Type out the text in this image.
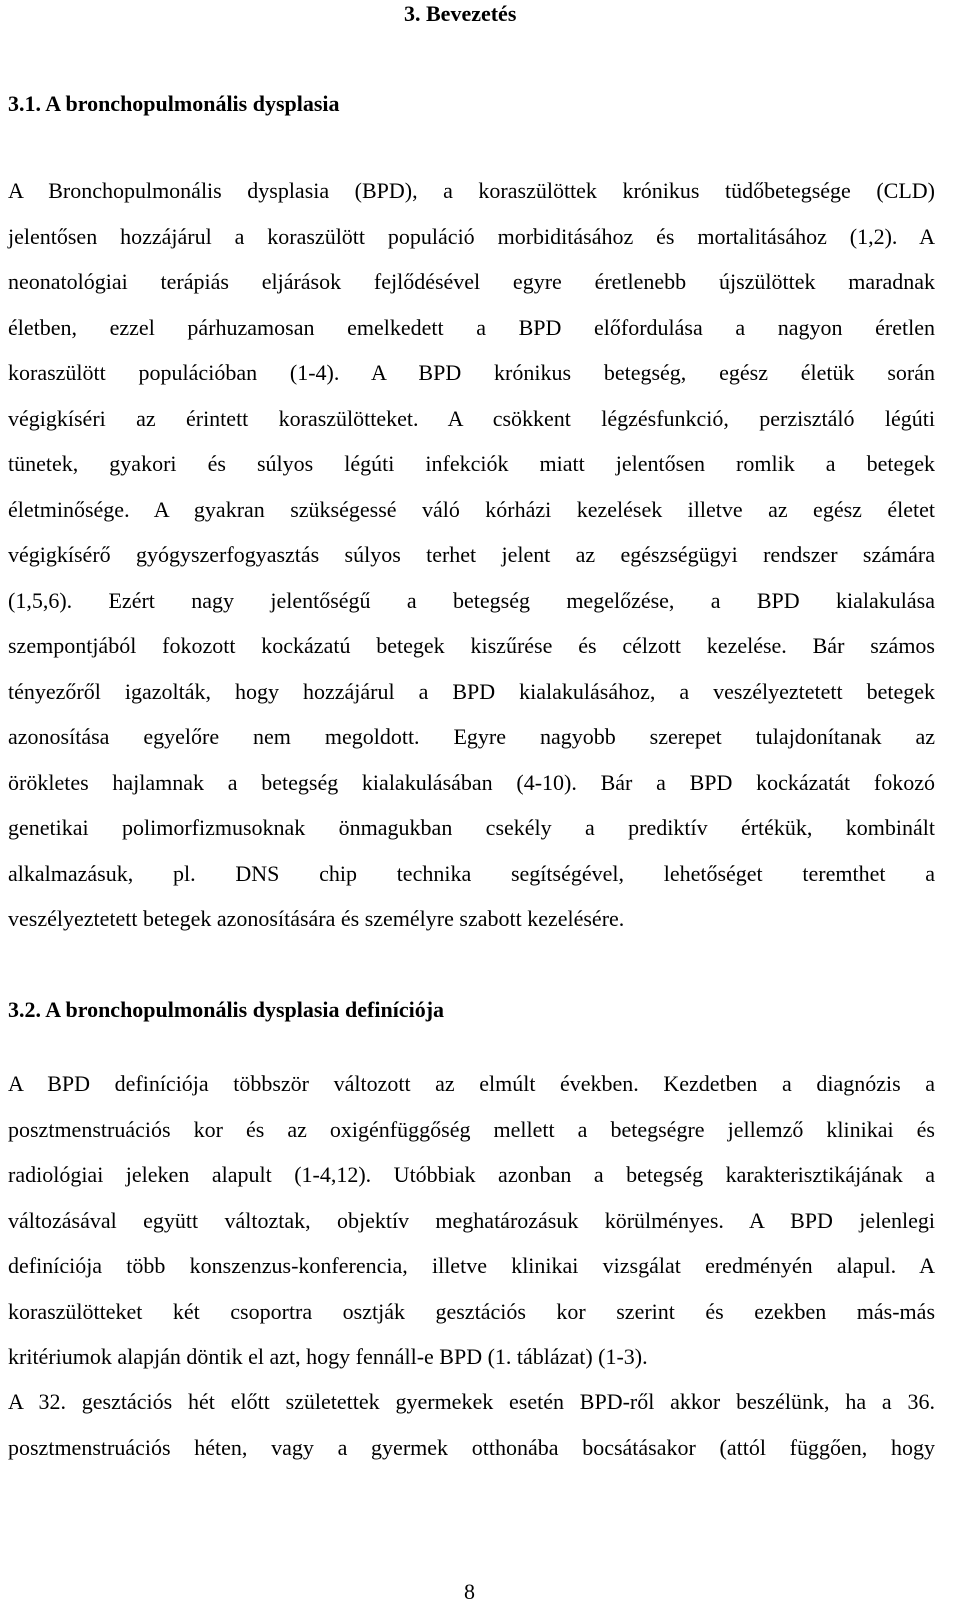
3. Bevezetés
3.1. A bronchopulmonális dysplasia
A Bronchopulmonális dysplasia (BPD), a koraszülöttek krónikus tüdőbetegsége (CLD)
jelentősen hozzájárul a koraszülött populáció morbiditásához és mortalitásához (1,2). A
neonatológiai terápiás eljárások fejlődésével egyre éretlenebb újszülöttek maradnak
életben, ezzel párhuzamosan emelkedett a BPD előfordulása a nagyon éretlen
koraszülött populációban (1-4). A BPD krónikus betegség, egész életük során
végigkíséri az érintett koraszülötteket. A csökkent légzésfunkció, perzisztáló légúti
tünetek, gyakori és súlyos légúti infekciók miatt jelentősen romlik a betegek
életminősége. A gyakran szükségessé váló kórházi kezelések illetve az egész életet
végigkísérő gyógyszerfogyasztás súlyos terhet jelent az egészségügyi rendszer számára
(1,5,6). Ezért nagy jelentőségű a betegség megelőzése, a BPD kialakulása
szempontjából fokozott kockázatú betegek kiszűrése és célzott kezelése. Bár számos
tényezőről igazolták, hogy hozzájárul a BPD kialakulásához, a veszélyeztetett betegek
azonosítása egyelőre nem megoldott. Egyre nagyobb szerepet tulajdonítanak az
örökletes hajlamnak a betegség kialakulásában (4-10). Bár a BPD kockázatát fokozó
genetikai polimorfizmusoknak önmagukban csekély a prediktív értékük, kombinált
alkalmazásuk, pl. DNS chip technika segítségével, lehetőséget teremthet a
veszélyeztetett betegek azonosítására és személyre szabott kezelésére.
3.2. A bronchopulmonális dysplasia definíciója
A BPD definíciója többször változott az elmúlt években. Kezdetben a diagnózis a
posztmenstruációs kor és az oxigénfüggőség mellett a betegségre jellemző klinikai és
radiológiai jeleken alapult (1-4,12). Utóbbiak azonban a betegség karakterisztikájának a
változásával együtt változtak, objektív meghatározásuk körülményes. A BPD jelenlegi
definíciója több konszenzus-konferencia, illetve klinikai vizsgálat eredményén alapul. A
koraszülötteket két csoportra osztják gesztációs kor szerint és ezekben más-más
kritériumok alapján döntik el azt, hogy fennáll-e BPD (1. táblázat) (1-3).
A 32. gesztációs hét előtt születettek gyermekek esetén BPD-ről akkor beszélünk, ha a 36.
posztmenstruációs héten, vagy a gyermek otthonába bocsátásakor (attól függően, hogy

8
